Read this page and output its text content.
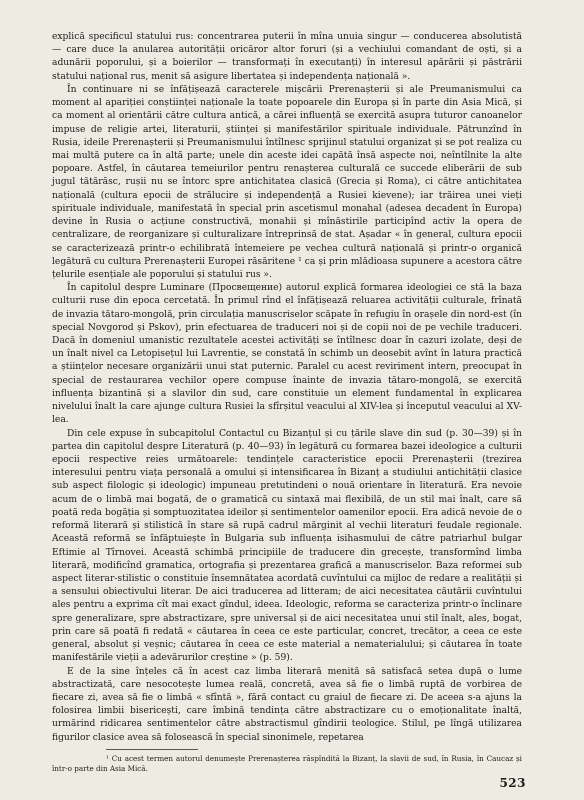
explică specificul statului rus: concentrarea puterii în mîna unuia singur — conducerea absolutistă — care duce la anularea autorității oricăror altor foruri (și a vechiului comandant de oști, și a adunării poporului, și a boierilor — transformați în executanți) în interesul apărării și păstrării statului național rus, menit să asigure libertatea și independența națională ».

În continuare ni se înfățișează caracterele mișcării Prerenașterii și ale Preumanismului ca moment al apariției conștiinței naționale la toate popoarele din Europa și în parte din Asia Mică, și ca moment al orientării către cultura antică, a cărei influență se exercită asupra tuturor canoanelor impuse de religie artei, literaturii, științei și manifestărilor spirituale individuale. Pătrunzînd în Rusia, ideile Prerenașterii și Preumanismului întîlnesc sprijinul statului organizat și se pot realiza cu mai multă putere ca în altă parte; unele din aceste idei capătă însă aspecte noi, neîntîlnite la alte popoare. Astfel, în căutarea temeiurilor pentru renașterea culturală ce succede eliberării de sub jugul tătărăsc, rușii nu se întorc spre antichitatea clasică (Grecia și Roma), ci către antichitatea națională (cultura epocii de strălucire și independență a Rusiei kievene); iar trăirea unei vieți spirituale individuale, manifestată în special prin ascetismul monahal (adeseа decadent în Europa) devine în Rusia o acțiune constructivă, monahii și mînăstirile participînd activ la opera de centralizare, de reorganizare și culturalizare întreprinsă de stat. Așadar « în general, cultura epocii se caracterizează printr-o echilibrată întemeiere pe vechea cultură națională și printr-o organică legătură cu cultura Prerenașterii Europei răsăritene ¹ ca și prin mlădioasa supunere a acestora către țelurile esențiale ale poporului și statului rus ».

În capitolul despre Luminare (Просвещение) autorul explică formarea ideologiei ce stă la baza culturii ruse din epoca cercetată. În primul rînd el înfățișează reluarea activității culturale, frînată de invazia tătaro-mongolă, prin circulația manuscriselor scăpate în refugiu în orașele din nord-est (în special Novgorod și Pskov), prin efectuarea de traduceri noi și de copii noi de pe vechile traduceri. Dacă în domeniul umanistic rezultatele acestei activități se întîlnesc doar în cazuri izolate, deși de un înalt nivel ca Letopisețul lui Lavrentie, se constată în schimb un deosebit avînt în latura practică a științelor necesare organizării unui stat puternic. Paralel cu acest reviriment intern, preocupat în special de restaurarea vechilor opere compuse înainte de invazia tătaro-mongolă, se exercită influența bizantină și a slavilor din sud, care constituie un element fundamental în explicarea nivelului înalt la care ajunge cultura Rusiei la sfîrșitul veacului al XIV-lea și începutul veacului al XV-lea.

Din cele expuse în subcapitolul Contactul cu Bizanțul și cu țările slave din sud (p. 30—39) și în partea din capitolul despre Literatură (p. 40—93) în legătură cu formarea bazei ideologice a culturii epocii respective reies următoarele: tendințele caracteristice epocii Prerenașterii (trezirea interesului pentru viața personală a omului și intensificarea în Bizanț a studiului antichității clasice sub aspect filologic și ideologic) impuneau pretutindeni o nouă orientare în literatură. Era nevoie acum de o limbă mai bogată, de o gramatică cu sintaxă mai flexibilă, de un stil mai înalt, care să poată reda bogăția și somptuozitatea ideilor și sentimentelor oamenilor epocii. Era adică nevoie de o reformă literară și stilistică în stare să rupă cadrul mărginit al vechii literaturi feudale regionale. Această reformă se înfăptuiește în Bulgaria sub influența isihasmului de către patriarhul bulgar Eftimie al Tîrnovei. Această schimbă principiile de traducere din grecește, transformînd limba literară, modificînd gramatica, ortografia și prezentarea grafică a manuscriselor. Baza reformei sub aspect literar-stilistic o constituie însemnătatea acordată cuvîntului ca mijloc de redare a realității și a sensului obiectivului literar. De aici traducerea ad litteram; de aici necesitatea căutării cuvîntului ales pentru a exprima cît mai exact gîndul, ideea. Ideologic, reforma se caracteriza printr-o înclinare spre generalizare, spre abstractizare, spre universal și de aici necesitatea unui stil înalt, ales, bogat, prin care să poată fi redată « căutarea în ceea ce este particular, concret, trecător, a ceea ce este general, absolut și veșnic; căutarea în ceea ce este material a nematerialului; și căutarea în toate manifestările vieții a adevărurilor creștine » (p. 59).

E de la sine înțeles că în acest caz limba literară menită să satisfacă setea după o lume abstractizată, care nesocotește lumea reală, concretă, avea să fie o limbă ruptă de vorbirea de fiecare zi, avea să fie o limbă « sfîntă », fără contact cu graiul de fiecare zi. De aceea s-a ajuns la folosirea limbii bisericești, care îmbină tendința către abstractizare cu o emoționalitate înaltă, urmărind ridicarea sentimentelor către abstractismul gîndirii teologice. Stilul, pe lîngă utilizarea figurilor clasice avea să folosească în special sinonimele, repetarea

¹ Cu acest termen autorul denumește Prerenașterea răspîndită la Bizanț, la slavii de sud, în Rusia, în Caucaz și într-o parte din Asia Mică.
523
